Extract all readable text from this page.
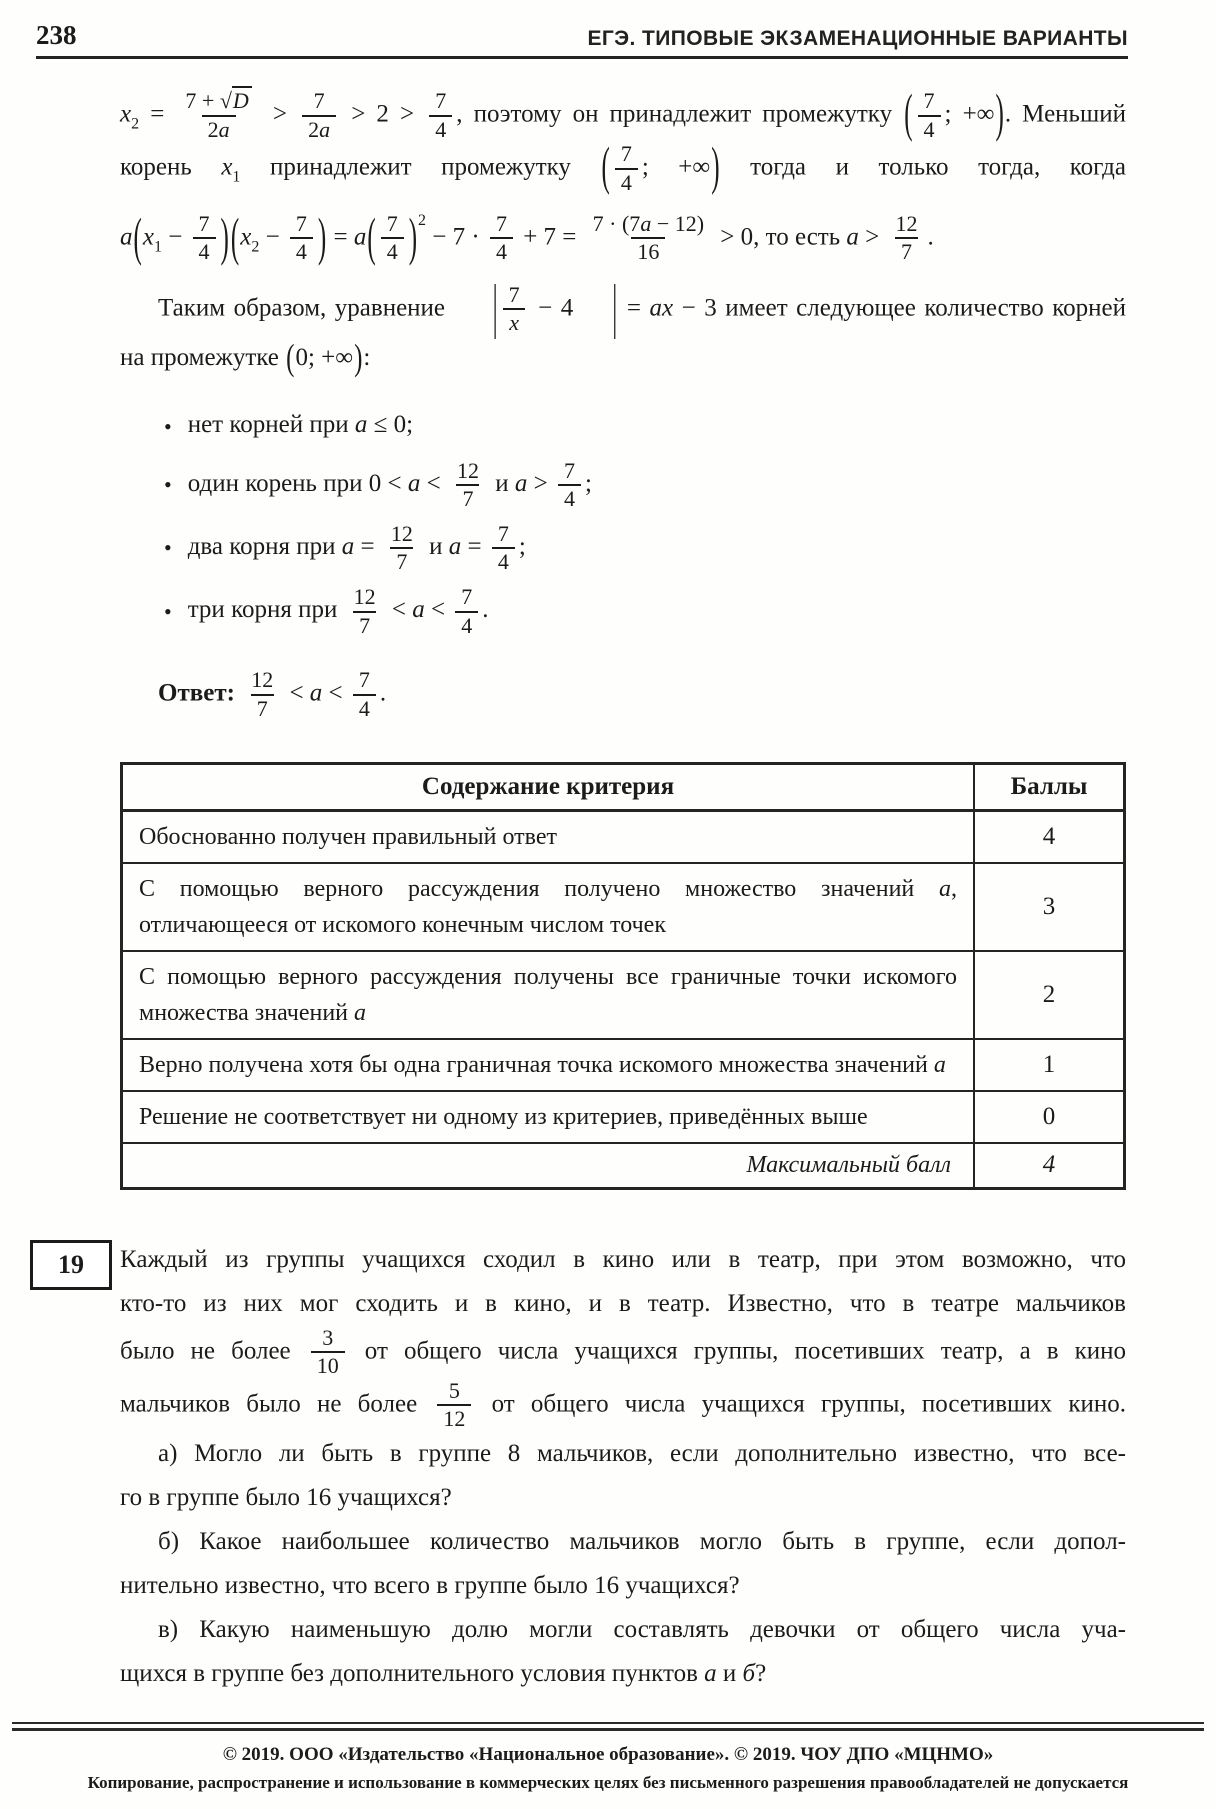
238	ЕГЭ. ТИПОВЫЕ ЭКЗАМЕНАЦИОННЫЕ ВАРИАНТЫ
$x_2 = \frac{7 + √D}{2a} > \frac{7}{2a} > 2 > \frac{7}{4}$ , поэтому он принадлежит промежутку ( $\frac{7}{4}$ ; +∞). Меньший
корень $x_1$ принадлежит промежутку ( $\frac{7}{4}$ ; +∞) тогда и только тогда, когда
$a(x_1 - \frac{7}{4} )(x_2 - \frac{7}{4}$ ) = $a( \frac{7}{4} )^2 - 7 \cdot \frac{7}{4} + 7 = \frac{7 \cdot (7a - 12)}{16} > 0$, то есть $a > \frac{12}{7}$ .
Таким образом, уравнение | $\frac{7}{x} - 4$ | = ax − 3 имеет следующее количество корней
на промежутке (0; +∞):
• нет корней при a ≤ 0;
• один корень при $0 < a < \frac{12}{7}$ и $a > \frac{7}{4}$ ;
• два корня при $a = \frac{12}{7}$ и $a = \frac{7}{4}$ ;
• три корня при $\frac{12}{7} < a < \frac{7}{4}$ .

Ответ: $\frac{12}{7} < a < \frac{7}{4}$ .

Содержание критерия	Баллы
Обоснованно получен правильный ответ	4
С помощью верного рассуждения получено множество значений a, отличающееся от искомого конечным числом точек	3
С помощью верного рассуждения получены все граничные точки искомого множества значений a	2
Верно получена хотя бы одна граничная точка искомого множества значений a	1
Решение не соответствует ни одному из критериев, приведённых выше	0
Максимальный балл	4
19	Каждый из группы учащихся сходил в кино или в театр, при этом возможно, что
кто-то из них мог сходить и в кино, и в театр. Известно, что в театре мальчиков
было не более $\frac{3}{10}$ от общего числа учащихся группы, посетивших театр, а в кино
мальчиков было не более $\frac{5}{12}$ от общего числа учащихся группы, посетивших кино.
а) Могло ли быть в группе 8 мальчиков, если дополнительно известно, что все-
го в группе было 16 учащихся?
б) Какое наибольшее количество мальчиков могло быть в группе, если допол-
нительно известно, что всего в группе было 16 учащихся?
в) Какую наименьшую долю могли составлять девочки от общего числа уча-
щихся в группе без дополнительного условия пунктов а и б?
© 2019. ООО «Издательство «Национальное образование». © 2019. ЧОУ ДПО «МЦНМО»
Копирование, распространение и использование в коммерческих целях без письменного разрешения правообладателей не допускается
